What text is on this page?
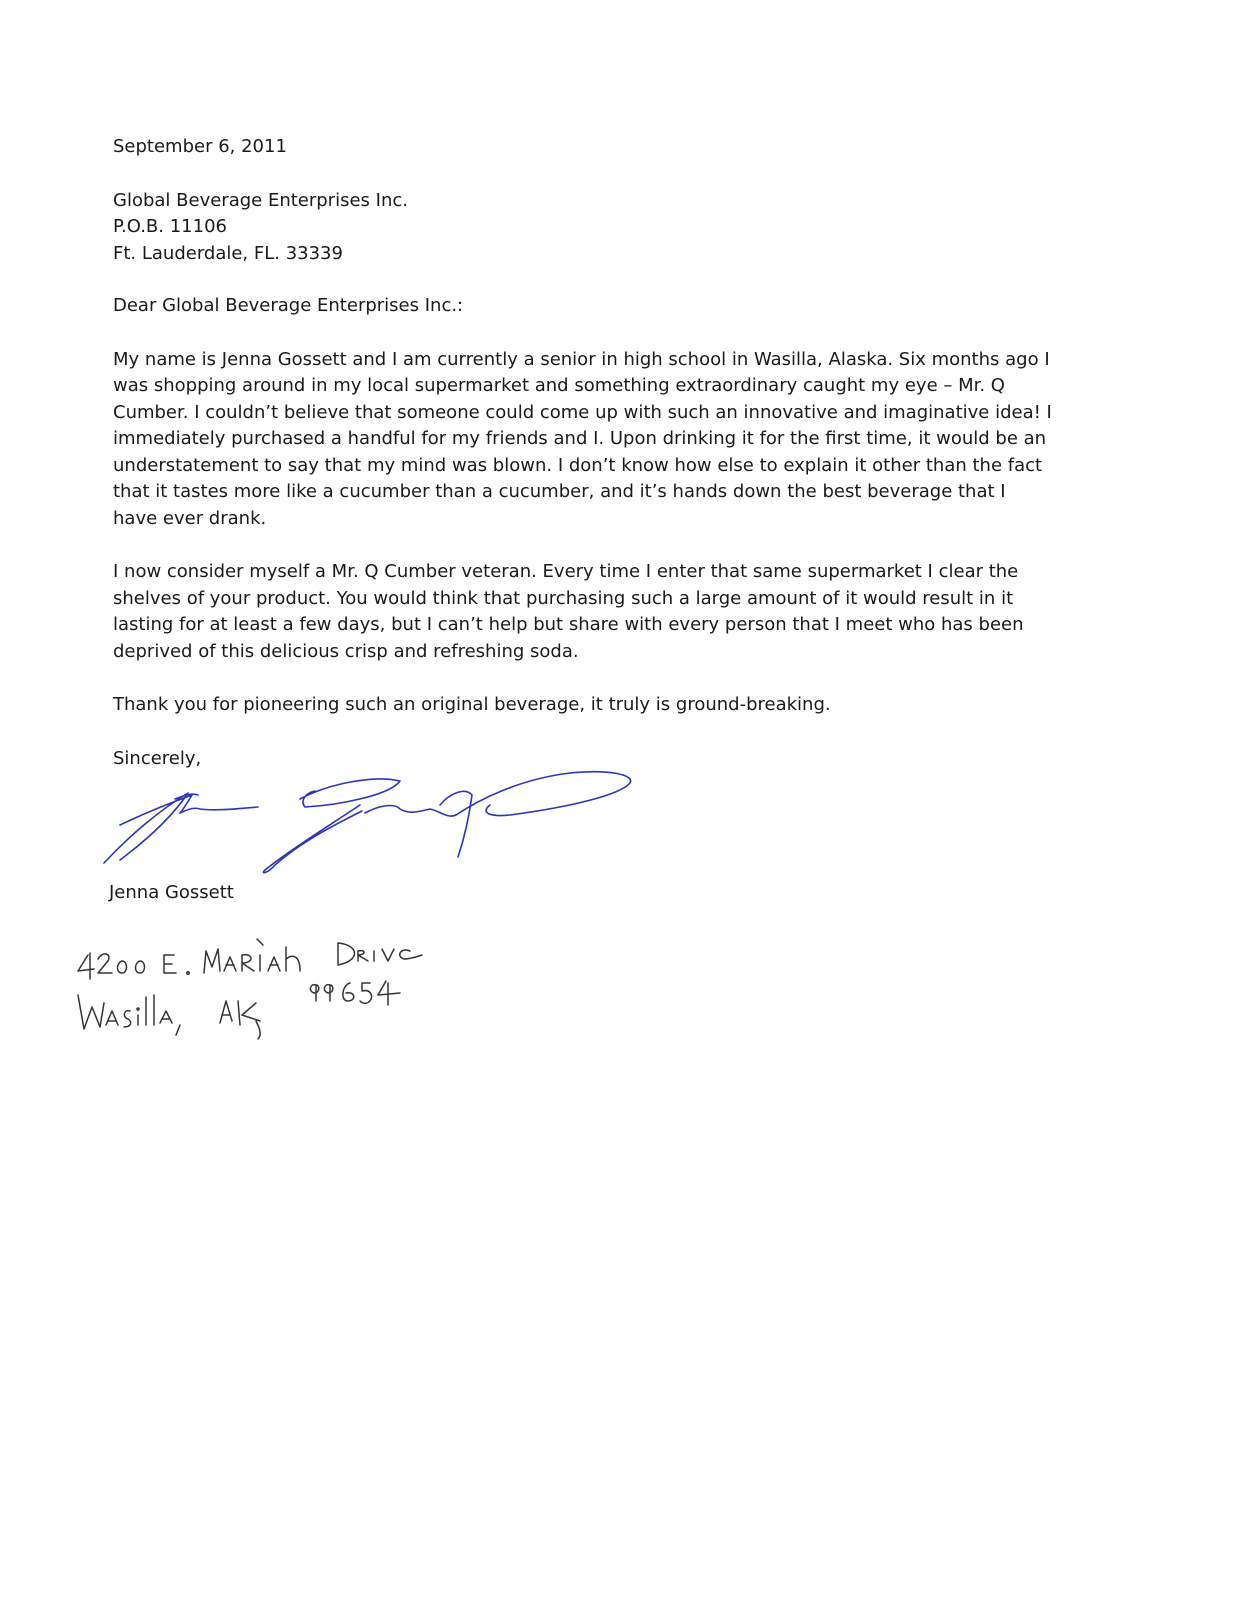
September 6, 2011

Global Beverage Enterprises Inc.

P.O.B. 11106

Ft. Lauderdale, FL. 33339

Dear Global Beverage Enterprises Inc.:

My name is Jenna Gossett and I am currently a senior in high school in Wasilla, Alaska. Six months ago I was shopping around in my local supermarket and something extraordinary caught my eye – Mr. Q Cumber. I couldn’t believe that someone could come up with such an innovative and imaginative idea! I immediately purchased a handful for my friends and I. Upon drinking it for the first time, it would be an understatement to say that my mind was blown. I don’t know how else to explain it other than the fact that it tastes more like a cucumber than a cucumber, and it’s hands down the best beverage that I have ever drank.

I now consider myself a Mr. Q Cumber veteran. Every time I enter that same supermarket I clear the shelves of your product. You would think that purchasing such a large amount of it would result in it lasting for at least a few days, but I can’t help but share with every person that I meet who has been deprived of this delicious crisp and refreshing soda.

Thank you for pioneering such an original beverage, it truly is ground-breaking.

Sincerely,

Jenna Gossett
